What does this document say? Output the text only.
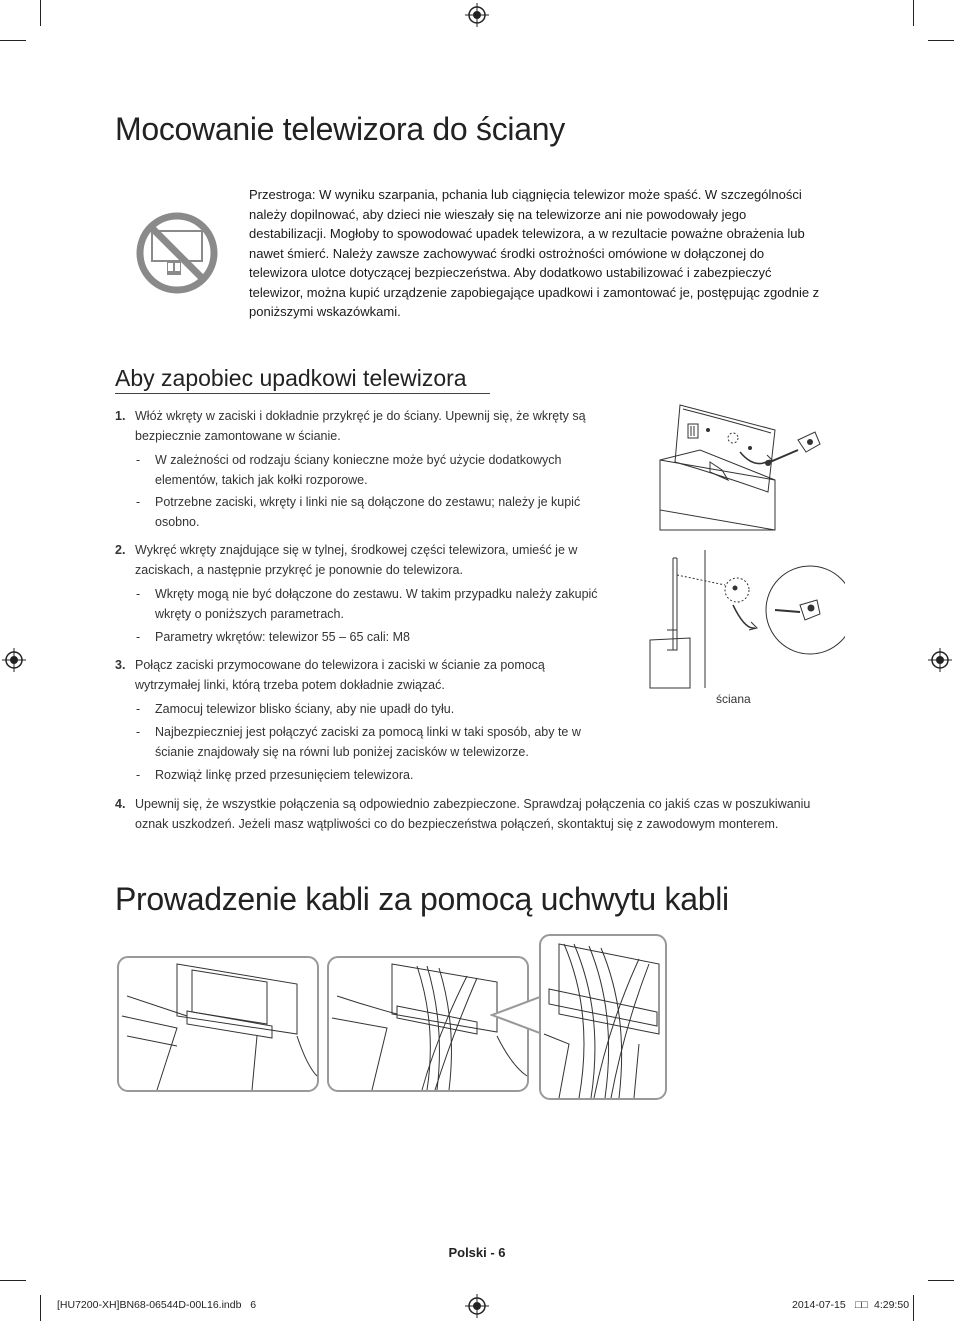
Mocowanie telewizora do ściany
Przestroga: W wyniku szarpania, pchania lub ciągnięcia telewizor może spaść. W szczególności należy dopilnować, aby dzieci nie wieszały się na telewizorze ani nie powodowały jego destabilizacji. Mogłoby to spowodować upadek telewizora, a w rezultacie poważne obrażenia lub nawet śmierć. Należy zawsze zachowywać środki ostrożności omówione w dołączonej do telewizora ulotce dotyczącej bezpieczeństwa. Aby dodatkowo ustabilizować i zabezpieczyć telewizor, można kupić urządzenie zapobiegające upadkowi i zamontować je, postępując zgodnie z poniższymi wskazówkami.
Aby zapobiec upadkowi telewizora
1. Włóż wkręty w zaciski i dokładnie przykręć je do ściany. Upewnij się, że wkręty są bezpiecznie zamontowane w ścianie.
- W zależności od rodzaju ściany konieczne może być użycie dodatkowych elementów, takich jak kołki rozporowe.
- Potrzebne zaciski, wkręty i linki nie są dołączone do zestawu; należy je kupić osobno.
2. Wykręć wkręty znajdujące się w tylnej, środkowej części telewizora, umieść je w zaciskach, a następnie przykręć je ponownie do telewizora.
- Wkręty mogą nie być dołączone do zestawu. W takim przypadku należy zakupić wkręty o poniższych parametrach.
- Parametry wkrętów: telewizor 55 – 65 cali: M8
3. Połącz zaciski przymocowane do telewizora i zaciski w ścianie za pomocą wytrzymałej linki, którą trzeba potem dokładnie związać.
- Zamocuj telewizor blisko ściany, aby nie upadł do tyłu.
- Najbezpieczniej jest połączyć zaciski za pomocą linki w taki sposób, aby te w ścianie znajdowały się na równi lub poniżej zacisków w telewizorze.
- Rozwiąż linkę przed przesunięciem telewizora.
4. Upewnij się, że wszystkie połączenia są odpowiednio zabezpieczone. Sprawdzaj połączenia co jakiś czas w poszukiwaniu oznak uszkodzeń. Jeżeli masz wątpliwości co do bezpieczeństwa połączeń, skontaktuj się z zawodowym monterem.
ściana
Prowadzenie kabli za pomocą uchwytu kabli
Polski - 6
[HU7200-XH]BN68-06544D-00L16.indb   6	2014-07-15 □□ 4:29:50
